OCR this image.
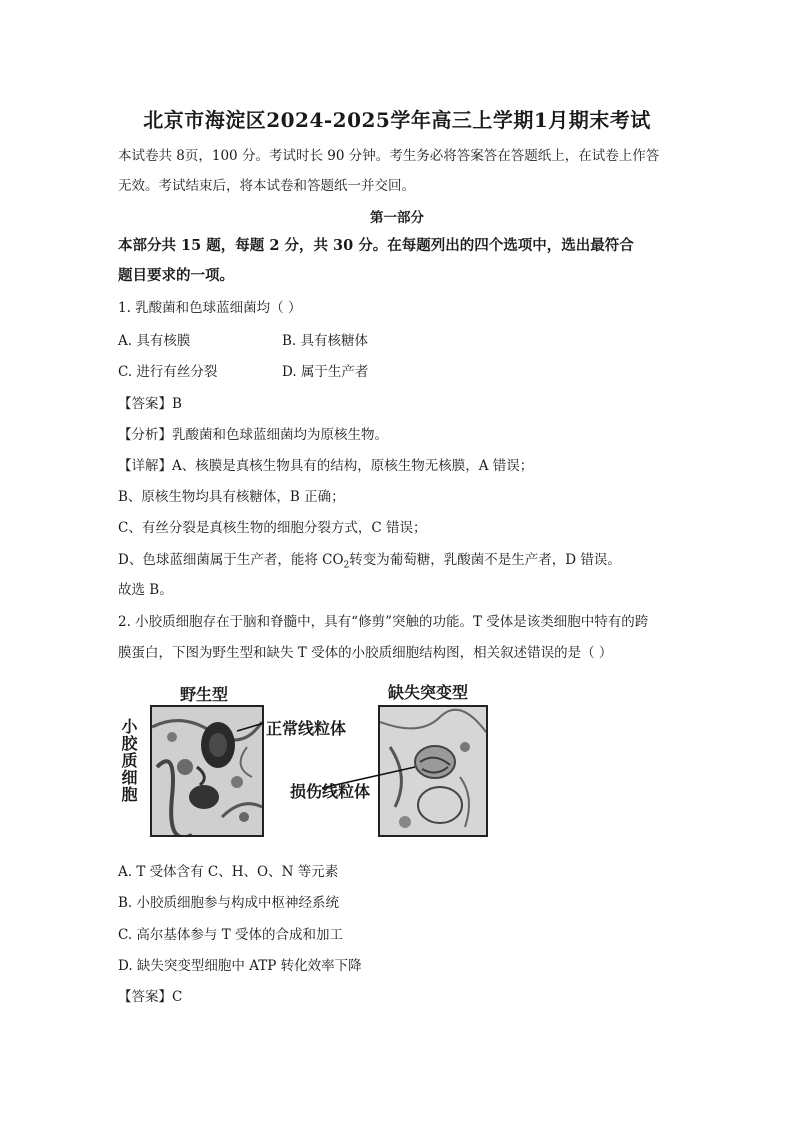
北京市海淀区2024-2025学年高三上学期1月期末考试
本试卷共 8页，100 分。考试时长 90 分钟。考生务必将答案答在答题纸上，在试卷上作答
无效。考试结束后，将本试卷和答题纸一并交回。
第一部分
本部分共 15 题，每题 2 分，共 30 分。在每题列出的四个选项中，选出最符合
题目要求的一项。
1. 乳酸菌和色球蓝细菌均（ ）
A. 具有核膜	B. 具有核糖体
C. 进行有丝分裂	D. 属于生产者
【答案】B
【分析】乳酸菌和色球蓝细菌均为原核生物。
【详解】A、核膜是真核生物具有的结构，原核生物无核膜，A 错误；
B、原核生物均具有核糖体，B 正确；
C、有丝分裂是真核生物的细胞分裂方式，C 错误；
D、色球蓝细菌属于生产者，能将 $CO_2$转变为葡萄糖，乳酸菌不是生产者，D 错误。
故选 B。
2. 小胶质细胞存在于脑和脊髓中，具有“修剪”突触的功能。T 受体是该类细胞中特有的跨
膜蛋白，下图为野生型和缺失 T 受体的小胶质细胞结构图，相关叙述错误的是（ ）
野生型	缺失突变型
小胶质细胞	正常线粒体
损伤线粒体
A. T 受体含有 C、H、O、N 等元素
B. 小胶质细胞参与构成中枢神经系统
C. 高尔基体参与 T 受体的合成和加工
D. 缺失突变型细胞中 ATP 转化效率下降
【答案】C
